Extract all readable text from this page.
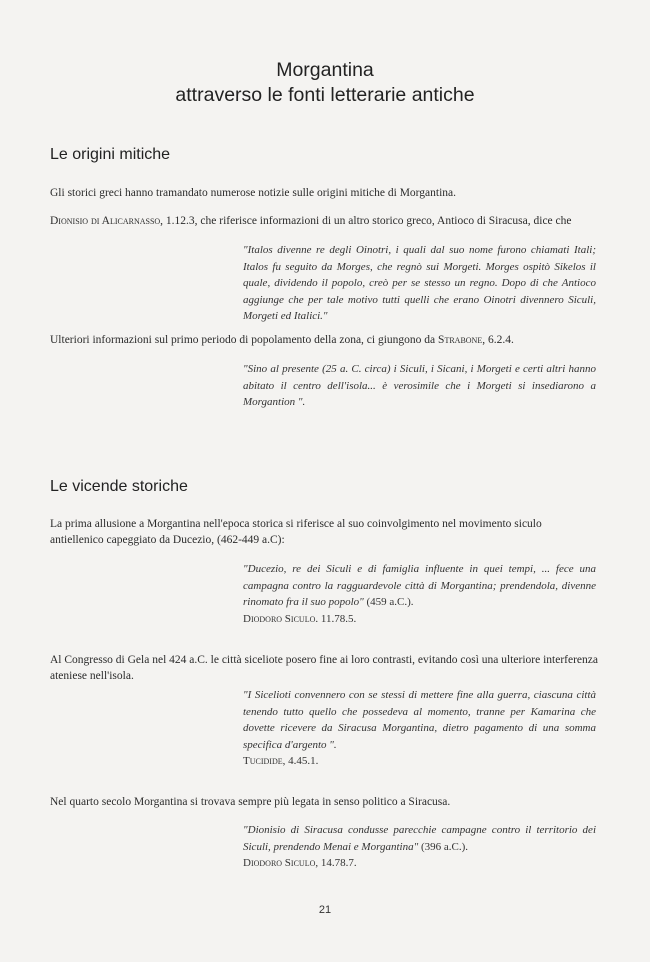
Morgantina
attraverso le fonti letterarie antiche
Le origini mitiche
Gli storici greci hanno tramandato numerose notizie sulle origini mitiche di Morgantina.
Dionisio di Alicarnasso, 1.12.3, che riferisce informazioni di un altro storico greco, Antioco di Siracusa, dice che
"Italos divenne re degli Oinotri, i quali dal suo nome furono chiamati Itali; Italos fu seguito da Morges, che regnò sui Morgeti. Morges ospitò Sikelos il quale, dividendo il popolo, creò per se stesso un regno. Dopo di che Antioco aggiunge che per tale motivo tutti quelli che erano Oinotri divennero Siculi, Morgeti ed Italici."
Ulteriori informazioni sul primo periodo di popolamento della zona, ci giungono da Strabone, 6.2.4.
"Sino al presente (25 a. C. circa) i Siculi, i Sicani, i Morgeti e certi altri hanno abitato il centro dell'isola... è verosimile che i Morgeti si insediarono a Morgantion ".
Le vicende storiche
La prima allusione a Morgantina nell'epoca storica si riferisce al suo coinvolgimento nel movimento siculo antiellenico capeggiato da Ducezio, (462-449 a.C):
"Ducezio, re dei Siculi e di famiglia influente in quei tempi, ... fece una campagna contro la ragguardevole città di Morgantina; prendendola, divenne rinomato fra il suo popolo" (459 a.C.).
Diodoro Siculo. 11.78.5.
Al Congresso di Gela nel 424 a.C. le città siceliote posero fine ai loro contrasti, evitando così una ulteriore interferenza ateniese nell'isola.
"I Sicelioti convennero con se stessi di mettere fine alla guerra, ciascuna città tenendo tutto quello che possedeva al momento, tranne per Kamarina che dovette ricevere da Siracusa Morgantina, dietro pagamento di una somma specifica d'argento ".
Tucidide, 4.45.1.
Nel quarto secolo Morgantina si trovava sempre più legata in senso politico a Siracusa.
"Dionisio di Siracusa condusse parecchie campagne contro il territorio dei Siculi, prendendo Menai e Morgantina" (396 a.C.).
Diodoro Siculo, 14.78.7.
21
